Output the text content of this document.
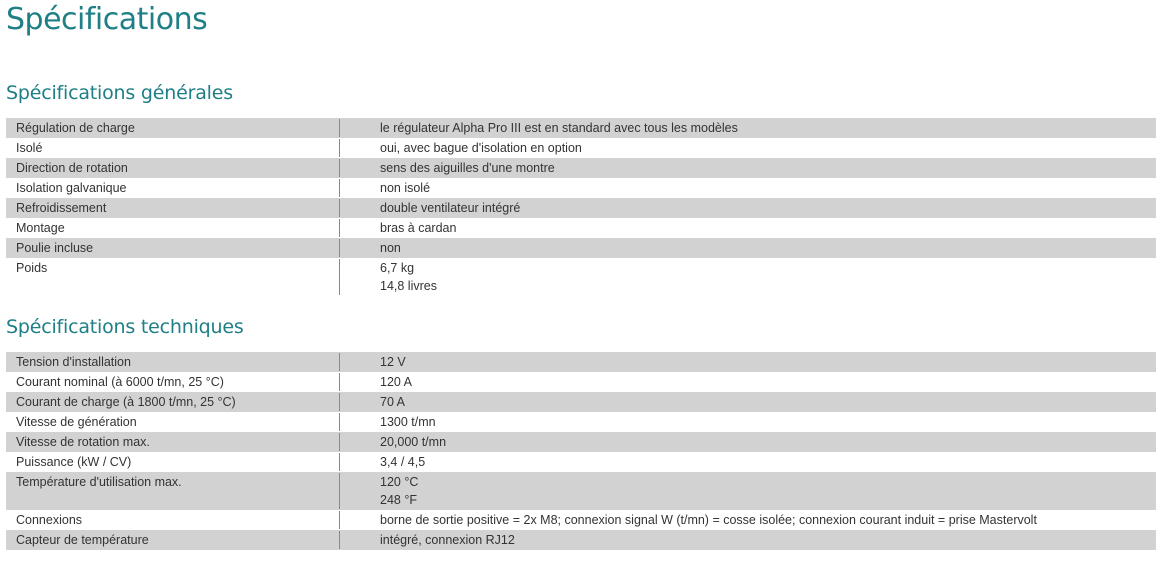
Spécifications
Spécifications générales
Régulation de charge	le régulateur Alpha Pro III est en standard avec tous les modèles
Isolé	oui, avec bague d'isolation en option
Direction de rotation	sens des aiguilles d'une montre
Isolation galvanique	non isolé
Refroidissement	double ventilateur intégré
Montage	bras à cardan
Poulie incluse	non
Poids	6,7 kg
14,8 livres
Spécifications techniques
Tension d'installation	12 V
Courant nominal (à 6000 t/mn, 25 °C)	120 A
Courant de charge (à 1800 t/mn, 25 °C)	70 A
Vitesse de génération	1300 t/mn
Vitesse de rotation max.	20,000 t/mn
Puissance (kW / CV)	3,4 / 4,5
Température d'utilisation max.	120 °C
248 °F
Connexions	borne de sortie positive = 2x M8; connexion signal W (t/mn) = cosse isolée; connexion courant induit = prise Mastervolt
Capteur de température	intégré, connexion RJ12
